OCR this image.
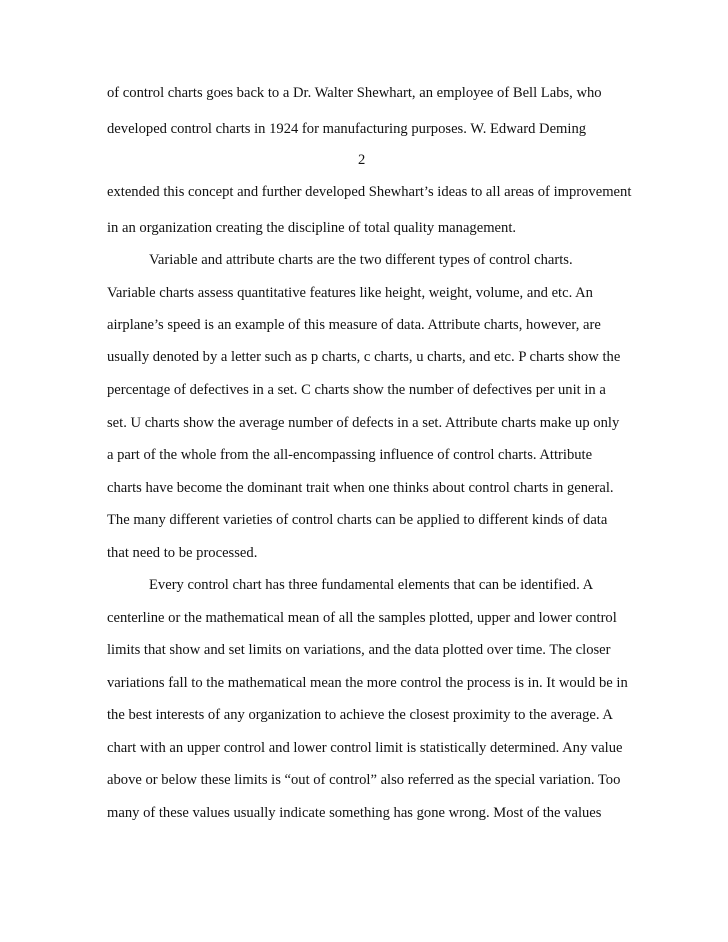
of control charts goes back to a Dr. Walter Shewhart, an employee of Bell Labs, who
developed control charts in 1924 for manufacturing purposes. W. Edward Deming
2
extended this concept and further developed Shewhart’s ideas to all areas of improvement
in an organization creating the discipline of total quality management.
Variable and attribute charts are the two different types of control charts.
Variable charts assess quantitative features like height, weight, volume, and etc. An
airplane’s speed is an example of this measure of data. Attribute charts, however, are
usually denoted by a letter such as p charts, c charts, u charts, and etc. P charts show the
percentage of defectives in a set. C charts show the number of defectives per unit in a
set. U charts show the average number of defects in a set. Attribute charts make up only
a part of the whole from the all-encompassing influence of control charts. Attribute
charts have become the dominant trait when one thinks about control charts in general.
The many different varieties of control charts can be applied to different kinds of data
that need to be processed.
Every control chart has three fundamental elements that can be identified. A
centerline or the mathematical mean of all the samples plotted, upper and lower control
limits that show and set limits on variations, and the data plotted over time. The closer
variations fall to the mathematical mean the more control the process is in. It would be in
the best interests of any organization to achieve the closest proximity to the average. A
chart with an upper control and lower control limit is statistically determined. Any value
above or below these limits is “out of control” also referred as the special variation. Too
many of these values usually indicate something has gone wrong. Most of the values
